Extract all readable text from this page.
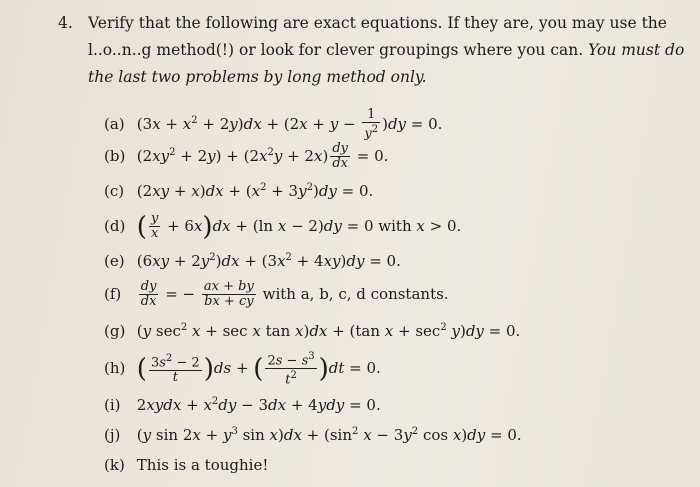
4. Verify that the following are exact equations. If they are, you may use the
l..o..n..g method(!) or look for clever groupings where you can. You must do
the last two problems by long method only.
(a) $(3x + x^2 + 2y)dx + (2x + y - \frac{1}{y^2} )dy = 0$.
(b) $(2xy^2 + 2y) + (2x^2y + 2x) \frac{dy}{dx} = 0$.
(c) $(2xy + x)dx + (x^2 + 3y^2)dy = 0$.
(d) ( $\frac{y}{x} + 6x)dx + (\ln$ x − 2)dy = 0 with x > 0.
(e) $(6xy + 2y^2)dx + (3x^2 + 4xy)dy = 0$.
$(f) \frac{dy}{dx}$ = − $\frac{ax + by}{bx + cy}$ with a, b, c, d constants.
(g) (y $\sec^2 x + \sec x$ tan x)dx + (tan $x + \sec^2 y)dy = 0$.
(h) ( $\frac{3s^2 - 2}{t} )ds$ + ( $\frac{2s - s^3}{t^2} )dt = 0$.
(i) 2xydx + $x^2dy - 3dx + 4ydy = 0$.
(j) (y $\sin 2x + y^3$ $\sin x)dx + (\sin^2$ $x - 3y^2$ cos x)dy = 0.
(k) This is a toughie!
